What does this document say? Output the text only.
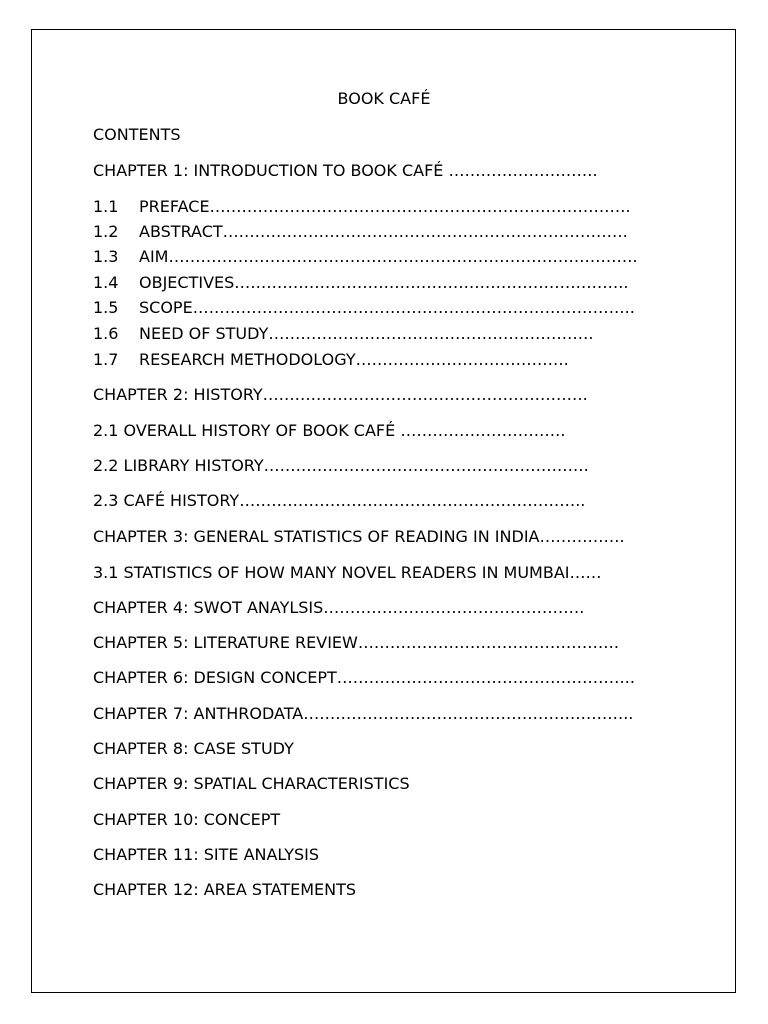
BOOK CAFÉ
CONTENTS
CHAPTER 1: INTRODUCTION TO BOOK CAFÉ ……………………….
1.1 PREFACE…………………………………………………………………….
1.2 ABSTRACT………………………………………………………………….
1.3 AIM…………………………………………………………………………….
1.4 OBJECTIVES………………………………………………………………..
1.5 SCOPE………………………………………………………………………..
1.6 NEED OF STUDY…………………………………………………….
1.7 RESEARCH METHODOLOGY………………………………….
CHAPTER 2: HISTORY…………………………………………………….
2.1 OVERALL HISTORY OF BOOK CAFÉ ………………………….
2.2 LIBRARY HISTORY…………………………………………………….
2.3 CAFÉ HISTORY………………………………………………………..
CHAPTER 3: GENERAL STATISTICS OF READING IN INDIA…………….
3.1 STATISTICS OF HOW MANY NOVEL READERS IN MUMBAI……
CHAPTER 4: SWOT ANAYLSIS………………………………………….
CHAPTER 5: LITERATURE REVIEW………………………………………….
CHAPTER 6: DESIGN CONCEPT………………………………………………..
CHAPTER 7: ANTHRODATA……………………………………………………..
CHAPTER 8: CASE STUDY
CHAPTER 9: SPATIAL CHARACTERISTICS
CHAPTER 10: CONCEPT
CHAPTER 11: SITE ANALYSIS
CHAPTER 12: AREA STATEMENTS
